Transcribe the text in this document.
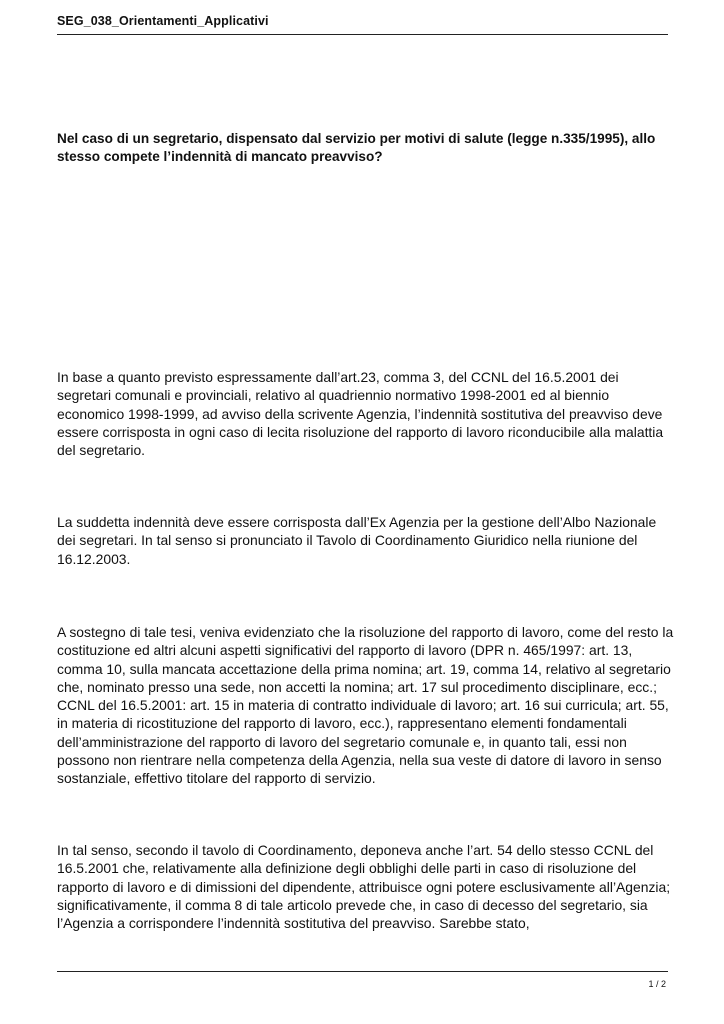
SEG_038_Orientamenti_Applicativi
Nel caso di un segretario, dispensato dal servizio per motivi di salute (legge n.335/1995), allo stesso compete l’indennità di mancato preavviso?

In base a quanto previsto espressamente dall’art.23, comma 3, del CCNL del 16.5.2001 dei segretari comunali e provinciali, relativo al quadriennio normativo 1998-2001 ed al biennio economico 1998-1999, ad avviso della scrivente Agenzia, l’indennità sostitutiva del preavviso deve essere corrisposta in ogni caso di lecita risoluzione del rapporto di lavoro riconducibile alla malattia del segretario.

La suddetta indennità deve essere corrisposta dall’Ex Agenzia per la gestione dell’Albo Nazionale dei segretari. In tal senso si pronunciato il Tavolo di Coordinamento Giuridico nella riunione del 16.12.2003.

A sostegno di tale tesi, veniva evidenziato che la risoluzione del rapporto di lavoro, come del resto la costituzione ed altri alcuni aspetti significativi del rapporto di lavoro (DPR n. 465/1997: art. 13, comma 10, sulla mancata accettazione della prima nomina; art. 19, comma 14, relativo al segretario che, nominato presso una sede, non accetti la nomina; art. 17 sul procedimento disciplinare, ecc.; CCNL del 16.5.2001: art. 15 in materia di contratto individuale di lavoro; art. 16 sui curricula; art. 55, in materia di ricostituzione del rapporto di lavoro, ecc.), rappresentano elementi fondamentali dell’amministrazione del rapporto di lavoro del segretario comunale e, in quanto tali, essi non possono non rientrare nella competenza della Agenzia, nella sua veste di datore di lavoro in senso sostanziale, effettivo titolare del rapporto di servizio.

In tal senso, secondo il tavolo di Coordinamento, deponeva anche l’art. 54 dello stesso CCNL del 16.5.2001 che, relativamente alla definizione degli obblighi delle parti in caso di risoluzione del rapporto di lavoro e di dimissioni del dipendente, attribuisce ogni potere esclusivamente all’Agenzia; significativamente, il comma 8 di tale articolo prevede che, in caso di decesso del segretario, sia l’Agenzia a corrispondere l’indennità sostitutiva del preavviso. Sarebbe stato,

1 / 2
